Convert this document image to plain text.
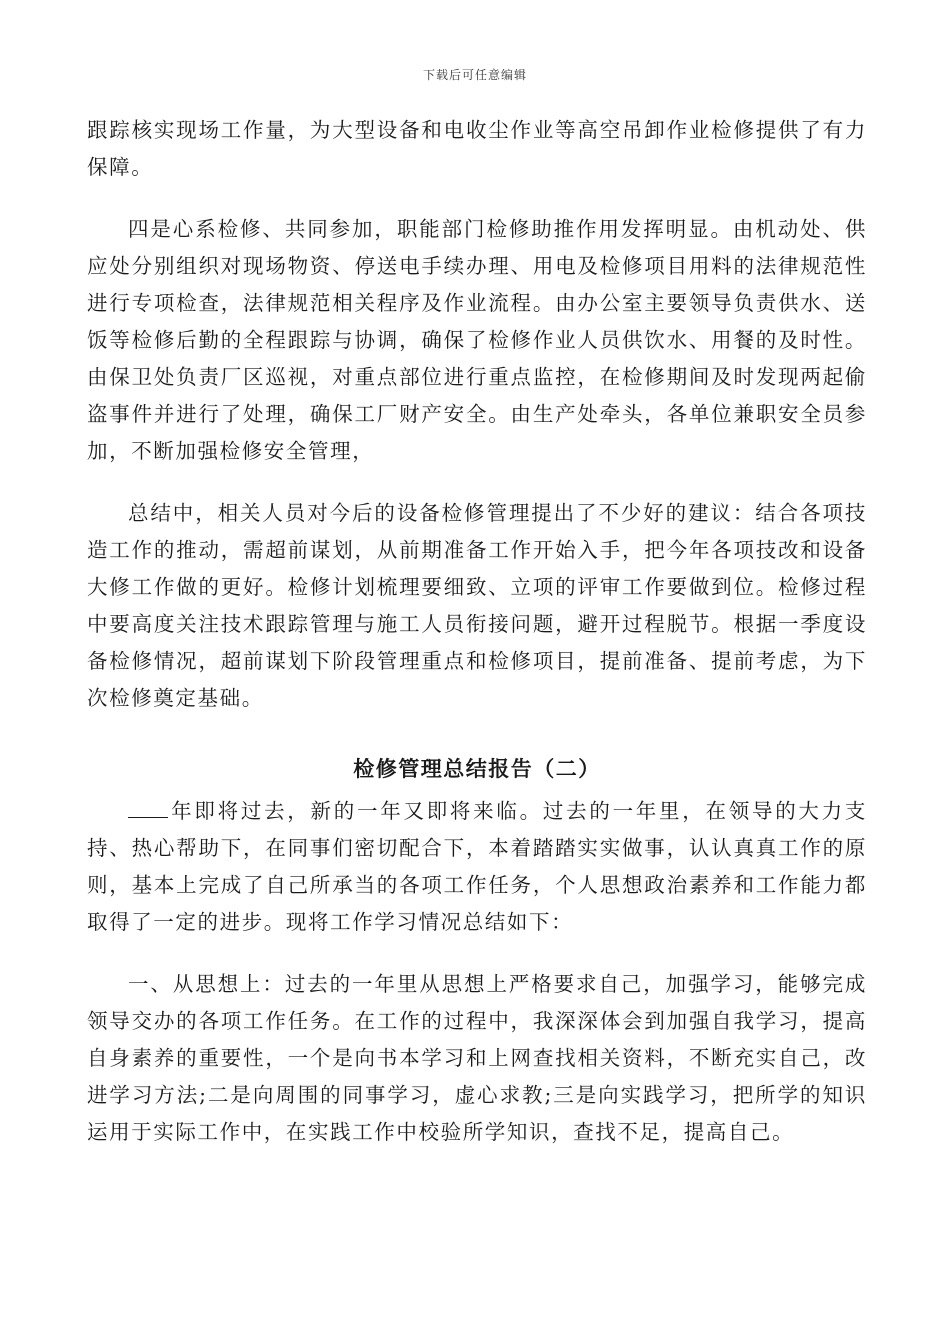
下载后可任意编辑

跟踪核实现场工作量，为大型设备和电收尘作业等高空吊卸作业检修提供了有力保障。

四是心系检修、共同参加，职能部门检修助推作用发挥明显。由机动处、供应处分别组织对现场物资、停送电手续办理、用电及检修项目用料的法律规范性进行专项检查，法律规范相关程序及作业流程。由办公室主要领导负责供水、送饭等检修后勤的全程跟踪与协调，确保了检修作业人员供饮水、用餐的及时性。由保卫处负责厂区巡视，对重点部位进行重点监控，在检修期间及时发现两起偷盗事件并进行了处理，确保工厂财产安全。由生产处牵头，各单位兼职安全员参加，不断加强检修安全管理，

总结中，相关人员对今后的设备检修管理提出了不少好的建议：结合各项技造工作的推动，需超前谋划，从前期准备工作开始入手，把今年各项技改和设备大修工作做的更好。检修计划梳理要细致、立项的评审工作要做到位。检修过程中要高度关注技术跟踪管理与施工人员衔接问题，避开过程脱节。根据一季度设备检修情况，超前谋划下阶段管理重点和检修项目，提前准备、提前考虑，为下次检修奠定基础。

检修管理总结报告（二）

年即将过去，新的一年又即将来临。过去的一年里，在领导的大力支持、热心帮助下，在同事们密切配合下，本着踏踏实实做事，认认真真工作的原则，基本上完成了自己所承当的各项工作任务，个人思想政治素养和工作能力都取得了一定的进步。现将工作学习情况总结如下：

一、从思想上：过去的一年里从思想上严格要求自己，加强学习，能够完成领导交办的各项工作任务。在工作的过程中，我深深体会到加强自我学习，提高自身素养的重要性，一个是向书本学习和上网查找相关资料，不断充实自己，改进学习方法;二是向周围的同事学习，虚心求教;三是向实践学习，把所学的知识运用于实际工作中，在实践工作中校验所学知识，查找不足，提高自己。
